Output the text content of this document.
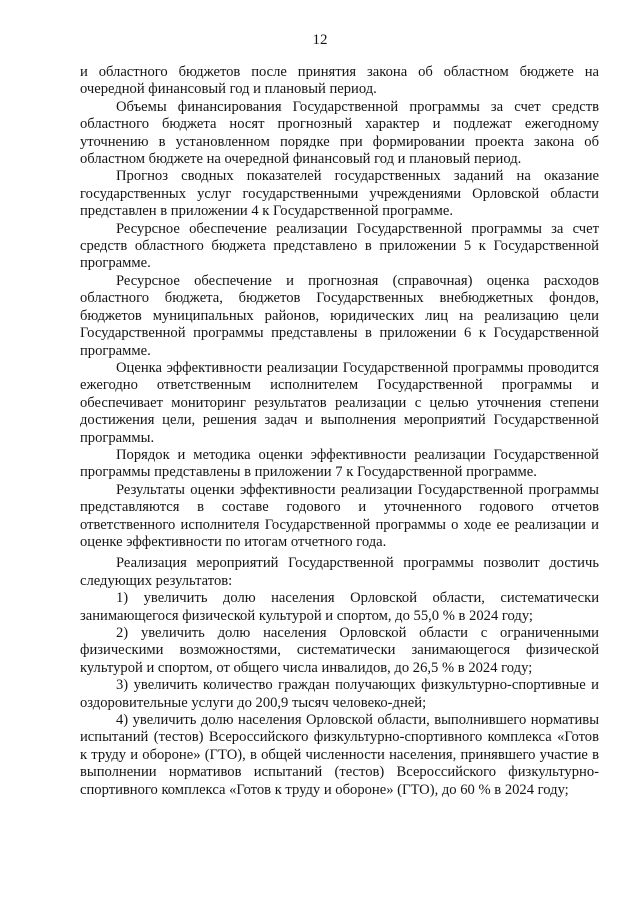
12

и областного бюджетов после принятия закона об областном бюджете на очередной финансовый год и плановый период.

Объемы финансирования Государственной программы за счет средств областного бюджета носят прогнозный характер и подлежат ежегодному уточнению в установленном порядке при формировании проекта закона об областном бюджете на очередной финансовый год и плановый период.

Прогноз сводных показателей государственных заданий на оказание государственных услуг государственными учреждениями Орловской области представлен в приложении 4 к Государственной программе.

Ресурсное обеспечение реализации Государственной программы за счет средств областного бюджета представлено в приложении 5 к Государственной программе.

Ресурсное обеспечение и прогнозная (справочная) оценка расходов областного бюджета, бюджетов Государственных внебюджетных фондов, бюджетов муниципальных районов, юридических лиц на реализацию цели Государственной программы представлены в приложении 6 к Государственной программе.

Оценка эффективности реализации Государственной программы проводится ежегодно ответственным исполнителем Государственной программы и обеспечивает мониторинг результатов реализации с целью уточнения степени достижения цели, решения задач и выполнения мероприятий Государственной программы.

Порядок и методика оценки эффективности реализации Государственной программы представлены в приложении 7 к Государственной программе.

Результаты оценки эффективности реализации Государственной программы представляются в составе годового и уточненного годового отчетов ответственного исполнителя Государственной программы о ходе ее реализации и оценке эффективности по итогам отчетного года.

Реализация мероприятий Государственной программы позволит достичь следующих результатов:

1) увеличить долю населения Орловской области, систематически занимающегося физической культурой и спортом, до 55,0 % в 2024 году;

2) увеличить долю населения Орловской области с ограниченными физическими возможностями, систематически занимающегося физической культурой и спортом, от общего числа инвалидов, до 26,5 % в 2024 году;

3) увеличить количество граждан получающих физкультурно-спортивные и оздоровительные услуги до 200,9 тысяч человеко-дней;

4) увеличить долю населения Орловской области, выполнившего нормативы испытаний (тестов) Всероссийского физкультурно-спортивного комплекса «Готов к труду и обороне» (ГТО), в общей численности населения, принявшего участие в выполнении нормативов испытаний (тестов) Всероссийского физкультурно-спортивного комплекса «Готов к труду и обороне» (ГТО), до 60 % в 2024 году;
